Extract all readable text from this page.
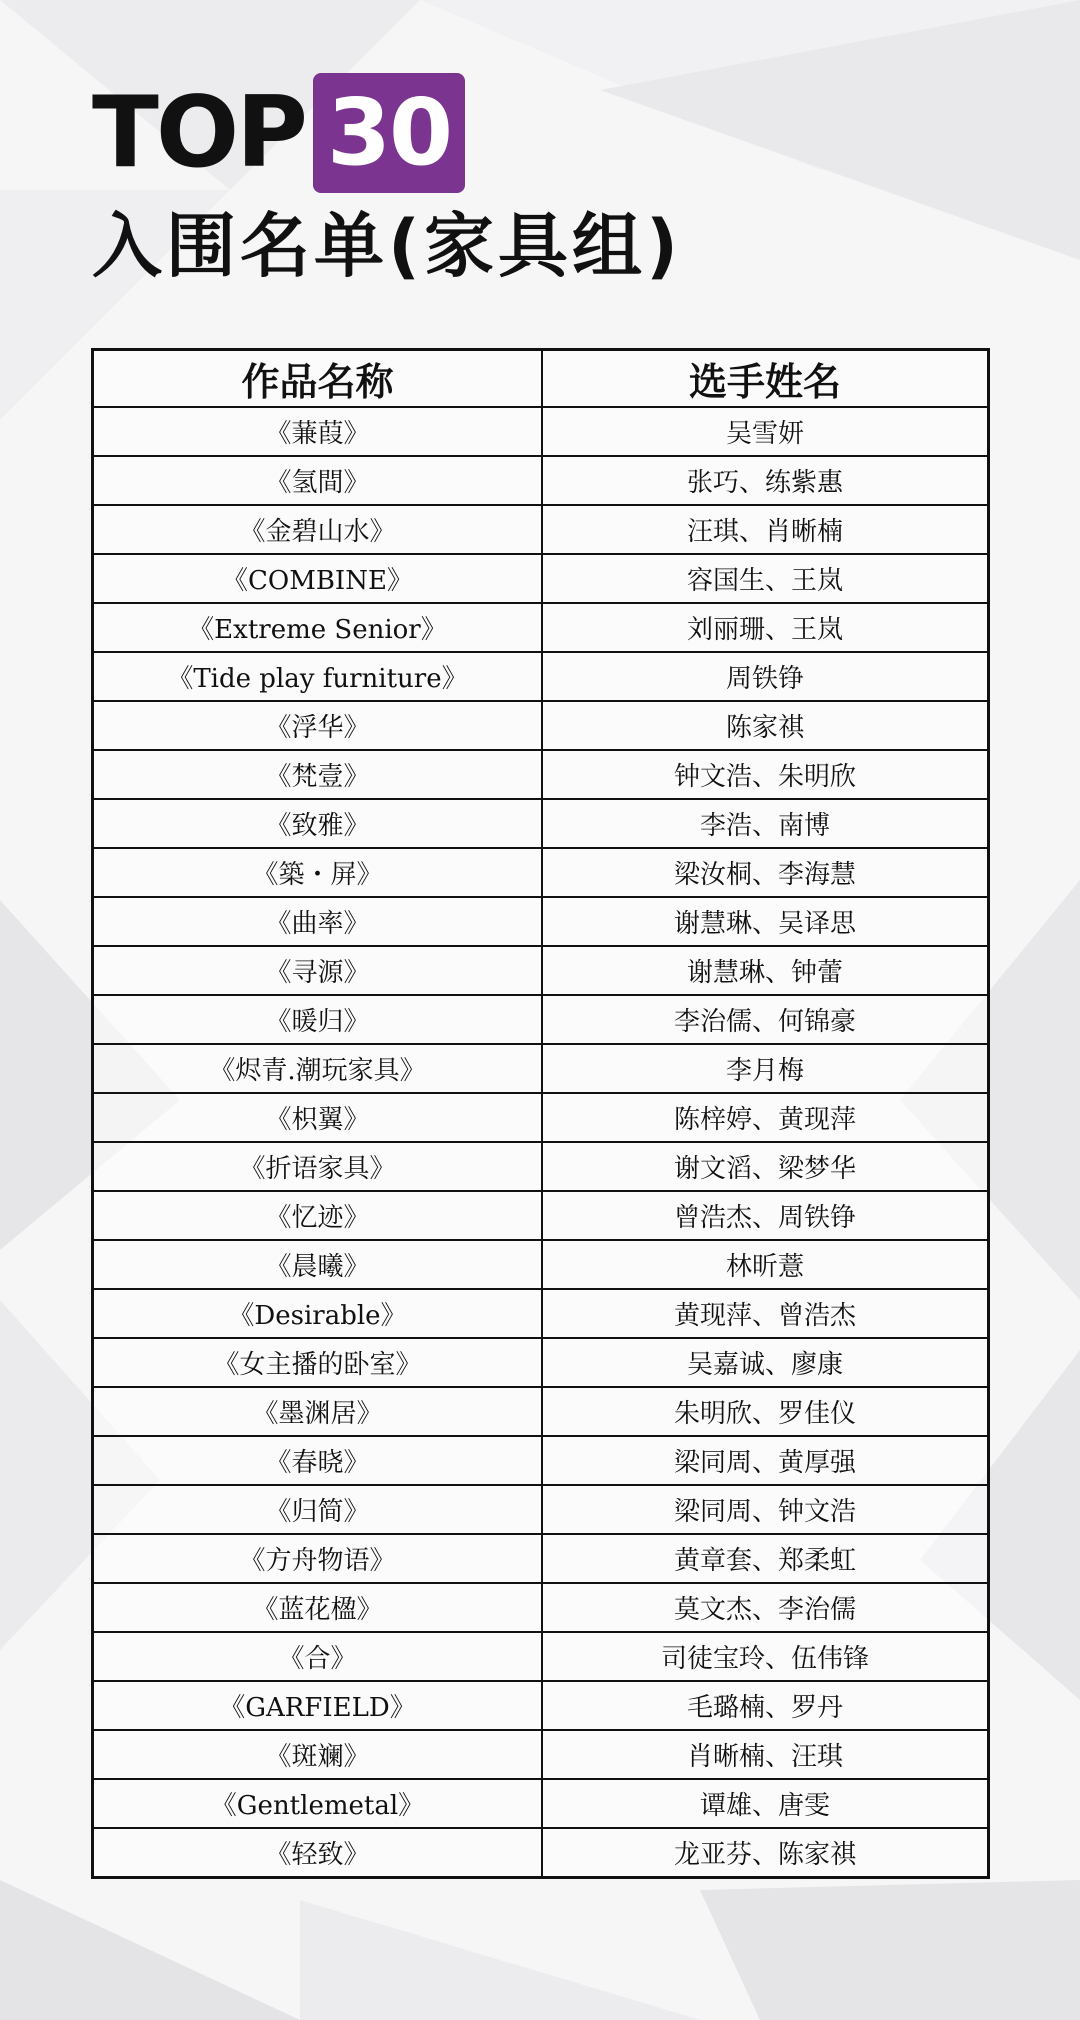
TOP 30
入围名单(家具组)
作品名称	选手姓名
《蒹葭》	吴雪妍
《氢間》	张巧、练紫惠
《金碧山水》	汪琪、肖晰楠
《COMBINE》	容国生、王岚
《Extreme Senior》	刘丽珊、王岚
《Tide play furniture》	周铁铮
《浮华》	陈家祺
《梵壹》	钟文浩、朱明欣
《致雅》	李浩、南博
《築・屏》	梁汝桐、李海慧
《曲率》	谢慧琳、吴译思
《寻源》	谢慧琳、钟蕾
《暖归》	李治儒、何锦豪
《烬青.潮玩家具》	李月梅
《枳翼》	陈梓婷、黄现萍
《折语家具》	谢文滔、梁梦华
《忆迹》	曾浩杰、周铁铮
《晨曦》	林昕薏
《Desirable》	黄现萍、曾浩杰
《女主播的卧室》	吴嘉诚、廖康
《墨渊居》	朱明欣、罗佳仪
《春晓》	梁同周、黄厚强
《归简》	梁同周、钟文浩
《方舟物语》	黄章套、郑柔虹
《蓝花楹》	莫文杰、李治儒
《合》	司徒宝玲、伍伟锋
《GARFIELD》	毛璐楠、罗丹
《斑斓》	肖晰楠、汪琪
《Gentlemetal》	谭雄、唐雯
《轻致》	龙亚芬、陈家祺
